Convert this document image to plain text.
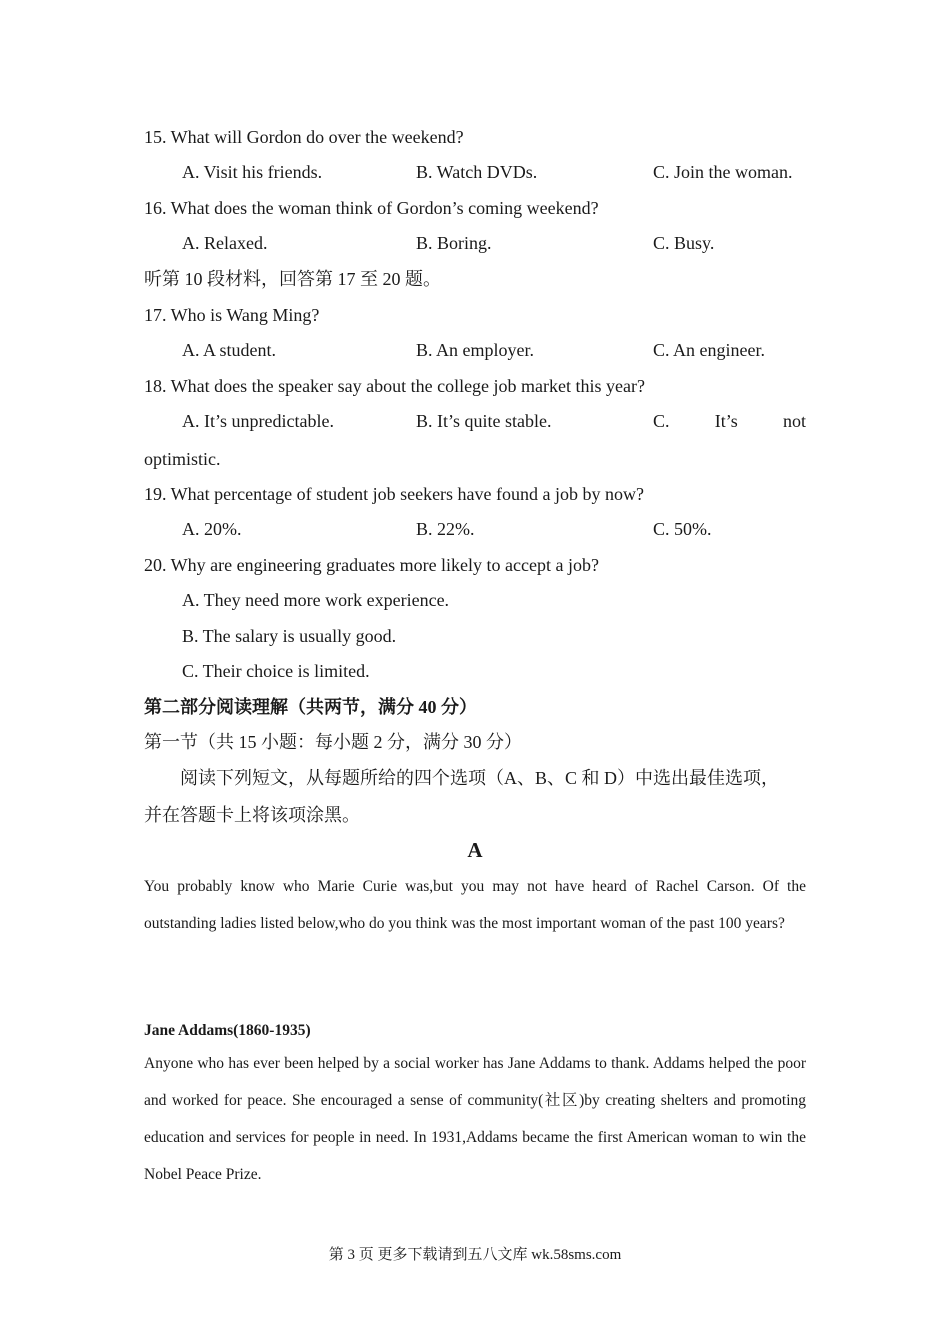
15. What will Gordon do over the weekend?
A. Visit his friends.	B. Watch DVDs.	C. Join the woman.
16. What does the woman think of Gordon’s coming weekend?
A. Relaxed.	B. Boring.	C. Busy.
听第 10 段材料，回答第 17 至 20 题。
17. Who is Wang Ming?
A. A student.	B. An employer.	C. An engineer.
18. What does the speaker say about the college job market this year?
A. It’s unpredictable.	B. It’s quite stable.	C.	It’s	not
optimistic.
19. What percentage of student job seekers have found a job by now?
A. 20%.	B. 22%.	C. 50%.
20. Why are engineering graduates more likely to accept a job?
A. They need more work experience.
B. The salary is usually good.
C. Their choice is limited.
第二部分阅读理解（共两节，满分 40 分）
第一节（共 15 小题：每小题 2 分，满分 30 分）
阅读下列短文，从每题所给的四个选项（A、B、C 和 D）中选出最佳选项，
并在答题卡上将该项涂黑。
A
You probably know who Marie Curie was,but you may not have heard of Rachel Carson. Of the outstanding ladies listed below,who do you think was the most important woman of the past 100 years?
Jane Addams(1860-1935)
Anyone who has ever been helped by a social worker has Jane Addams to thank. Addams helped the poor and worked for peace. She encouraged a sense of community(社区)by creating shelters and promoting education and services for people in need. In 1931,Addams became the first American woman to win the Nobel Peace Prize.
第 3 页 更多下载请到五八文库 wk.58sms.com
